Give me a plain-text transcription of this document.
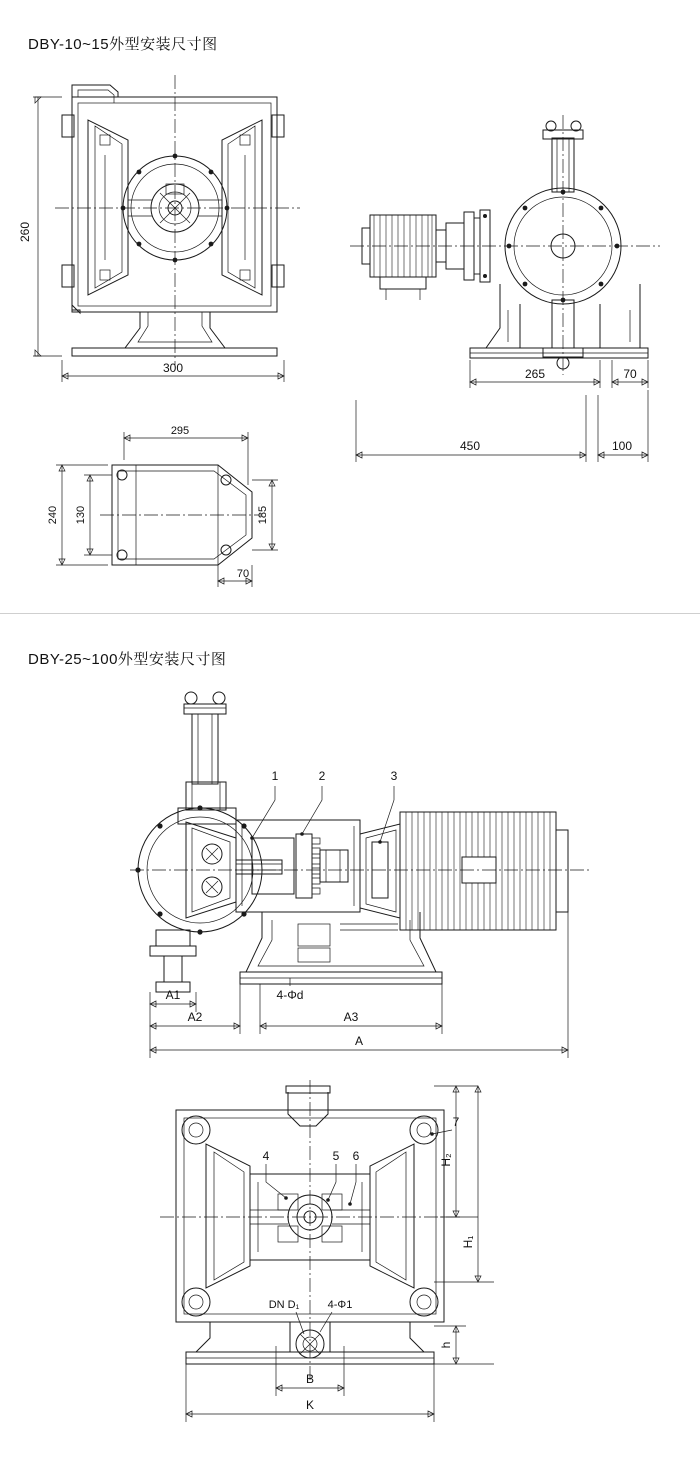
DBY-10~15外型安装尺寸图
260
300	265	70
450	100
295
240 130	185
70
DBY-25~100外型安装尺寸图
1	2	3
A1
A2
4-Φd
A3
A
4	5 6
7
H₂
H₁
h
DN D₁	4-Φ1
B
K
